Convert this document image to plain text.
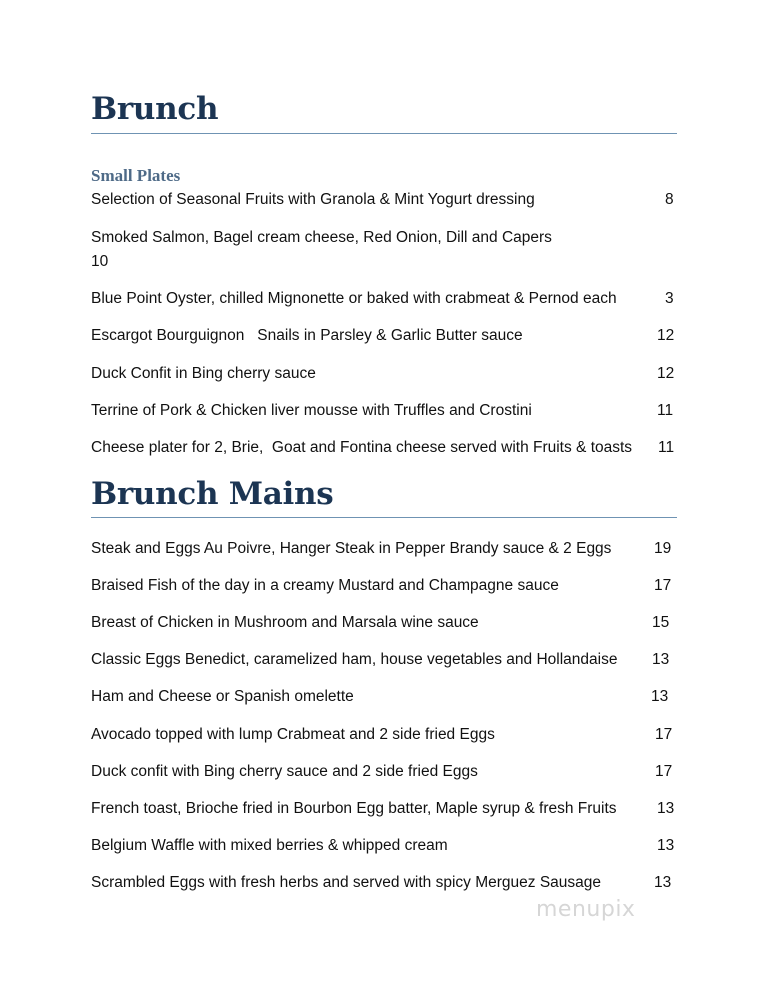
Brunch
Small Plates
Selection of Seasonal Fruits with Granola & Mint Yogurt dressing	8
Smoked Salmon, Bagel cream cheese, Red Onion, Dill and Capers
10
Blue Point Oyster, chilled Mignonette or baked with crabmeat & Pernod each	3
Escargot Bourguignon   Snails in Parsley & Garlic Butter sauce	12
Duck Confit in Bing cherry sauce	12
Terrine of Pork & Chicken liver mousse with Truffles and Crostini	11
Cheese plater for 2, Brie,  Goat and Fontina cheese served with Fruits & toasts 11
Brunch Mains
Steak and Eggs Au Poivre, Hanger Steak in Pepper Brandy sauce & 2 Eggs	19
Braised Fish of the day in a creamy Mustard and Champagne sauce	17
Breast of Chicken in Mushroom and Marsala wine sauce	15
Classic Eggs Benedict, caramelized ham, house vegetables and Hollandaise 13
Ham and Cheese or Spanish omelette	13
Avocado topped with lump Crabmeat and 2 side fried Eggs	17
Duck confit with Bing cherry sauce and 2 side fried Eggs	17
French toast, Brioche fried in Bourbon Egg batter, Maple syrup & fresh Fruits	13
Belgium Waffle with mixed berries & whipped cream	13
Scrambled Eggs with fresh herbs and served with spicy Merguez Sausage	13
menupix
